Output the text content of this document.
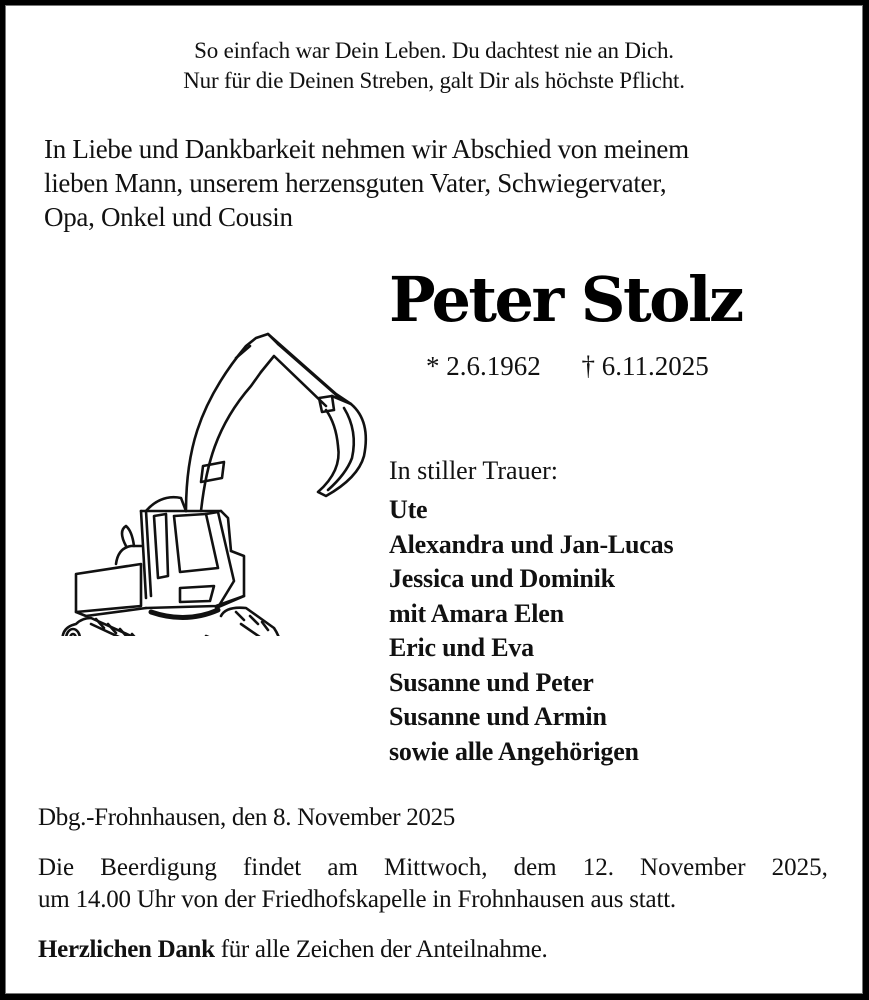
So einfach war Dein Leben. Du dachtest nie an Dich.
Nur für die Deinen Streben, galt Dir als höchste Pflicht.
In Liebe und Dankbarkeit nehmen wir Abschied von meinem
lieben Mann, unserem herzensguten Vater, Schwiegervater,
Opa, Onkel und Cousin
Peter Stolz
* 2.6.1962 † 6.11.2025
In stiller Trauer:
Ute
Alexandra und Jan-Lucas
Jessica und Dominik
mit Amara Elen
Eric und Eva
Susanne und Peter
Susanne und Armin
sowie alle Angehörigen
Dbg.-Frohnhausen, den 8. November 2025
Die Beerdigung findet am Mittwoch, dem 12. November 2025,
um 14.00 Uhr von der Friedhofskapelle in Frohnhausen aus statt.
Herzlichen Dank für alle Zeichen der Anteilnahme.
